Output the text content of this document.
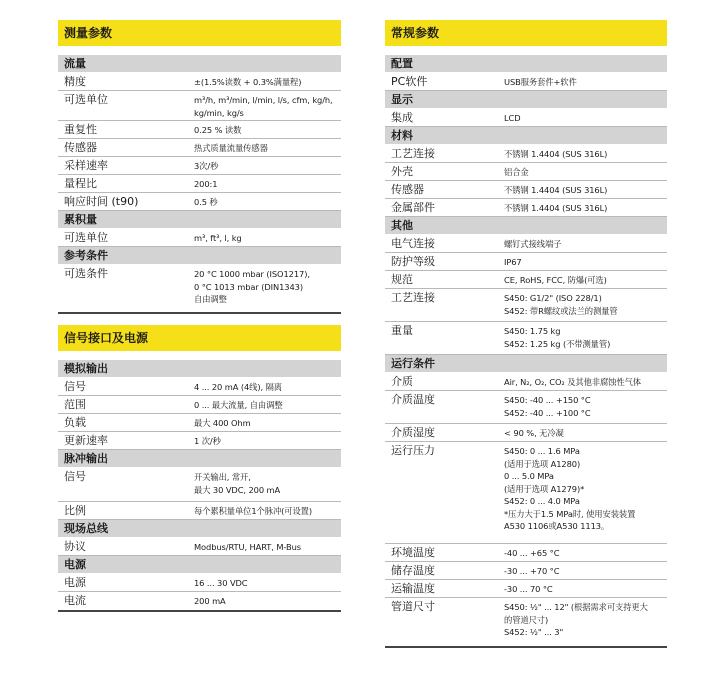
测量参数
流量
精度	±(1.5%读数 + 0.3%满量程)
可选单位	m³/h, m³/min, l/min, l/s, cfm, kg/h,
kg/min, kg/s
重复性	0.25 % 读数
传感器	热式质量流量传感器
采样速率	3次/秒
量程比	200:1
响应时间 (t90)	0.5 秒
累积量
可选单位	m³, ft³, l, kg
参考条件
可选条件	20 °C 1000 mbar (ISO1217),
0 °C 1013 mbar (DIN1343)
自由调整
信号接口及电源
模拟输出
信号	4 ... 20 mA (4线), 隔离
范围	0 ... 最大流量, 自由调整
负载	最大 400 Ohm
更新速率	1 次/秒
脉冲输出
信号	开关输出, 常开,
最大 30 VDC, 200 mA
比例	每个累积量单位1个脉冲(可设置)
现场总线
协议	Modbus/RTU, HART, M-Bus
电源
电源	16 ... 30 VDC
电流	200 mA
常规参数
配置
PC软件	USB服务套件+软件
显示
集成	LCD
材料
工艺连接	不锈钢 1.4404 (SUS 316L)
外壳	铝合金
传感器	不锈钢 1.4404 (SUS 316L)
金属部件	不锈钢 1.4404 (SUS 316L)
其他
电气连接	螺钉式接线端子
防护等级	IP67
规范	CE, RoHS, FCC, 防爆(可选)
工艺连接	S450: G1/2" (ISO 228/1)
S452: 带R螺纹或法兰的测量管
重量	S450: 1.75 kg
S452: 1.25 kg (不带测量管)
运行条件
介质	Air, N₂, O₂, CO₂ 及其他非腐蚀性气体
介质温度	S450: -40 ... +150 °C
S452: -40 ... +100 °C
介质湿度	< 90 %, 无冷凝
运行压力	S450: 0 ... 1.6 MPa
(适用于选项 A1280)
0 ... 5.0 MPa
(适用于选项 A1279)*
S452: 0 ... 4.0 MPa
*压力大于1.5 MPa时, 使用安装装置
A530 1106或A530 1113。
环境温度	-40 ... +65 °C
储存温度	-30 ... +70 °C
运输温度	-30 ... 70 °C
管道尺寸	S450: ½" ... 12" (根据需求可支持更大
的管道尺寸)
S452: ½" ... 3"
